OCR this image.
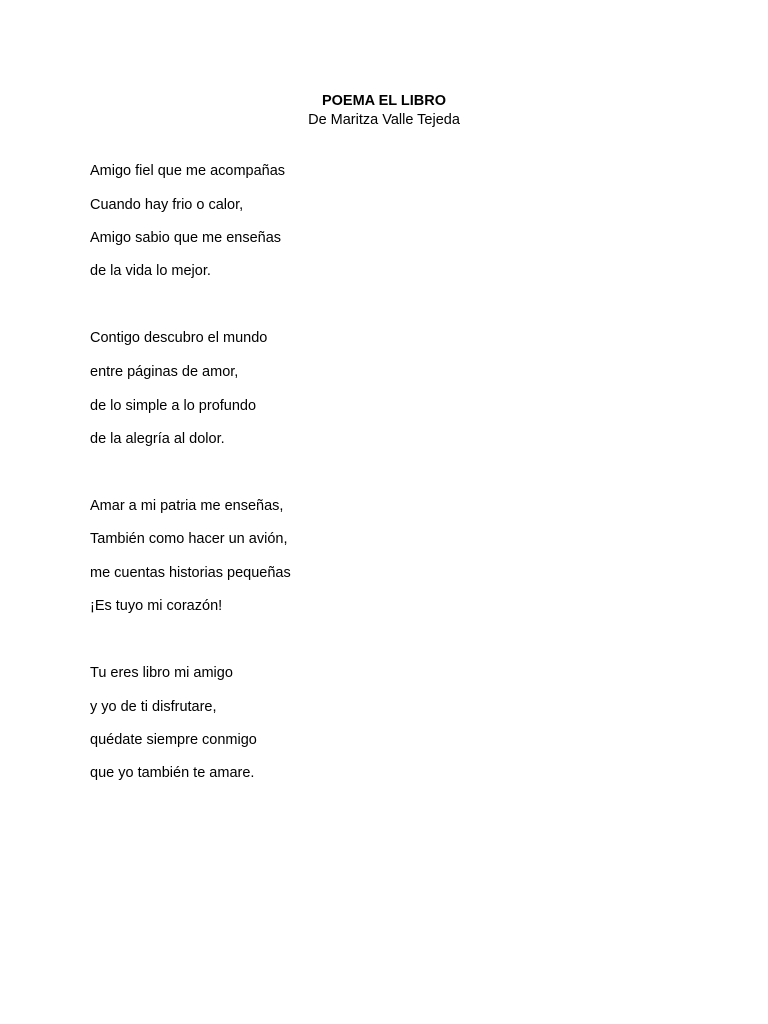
POEMA EL LIBRO
De Maritza Valle Tejeda
Amigo fiel que me acompañas
Cuando hay frio o calor,
Amigo sabio que me enseñas
de la vida lo mejor.
Contigo descubro el mundo
entre páginas de amor,
de lo simple a lo profundo
de la alegría al dolor.
Amar a mi patria me enseñas,
También como hacer un avión,
me cuentas historias pequeñas
¡Es tuyo mi corazón!
Tu eres libro mi amigo
y yo de ti disfrutare,
quédate siempre conmigo
que yo también te amare.
